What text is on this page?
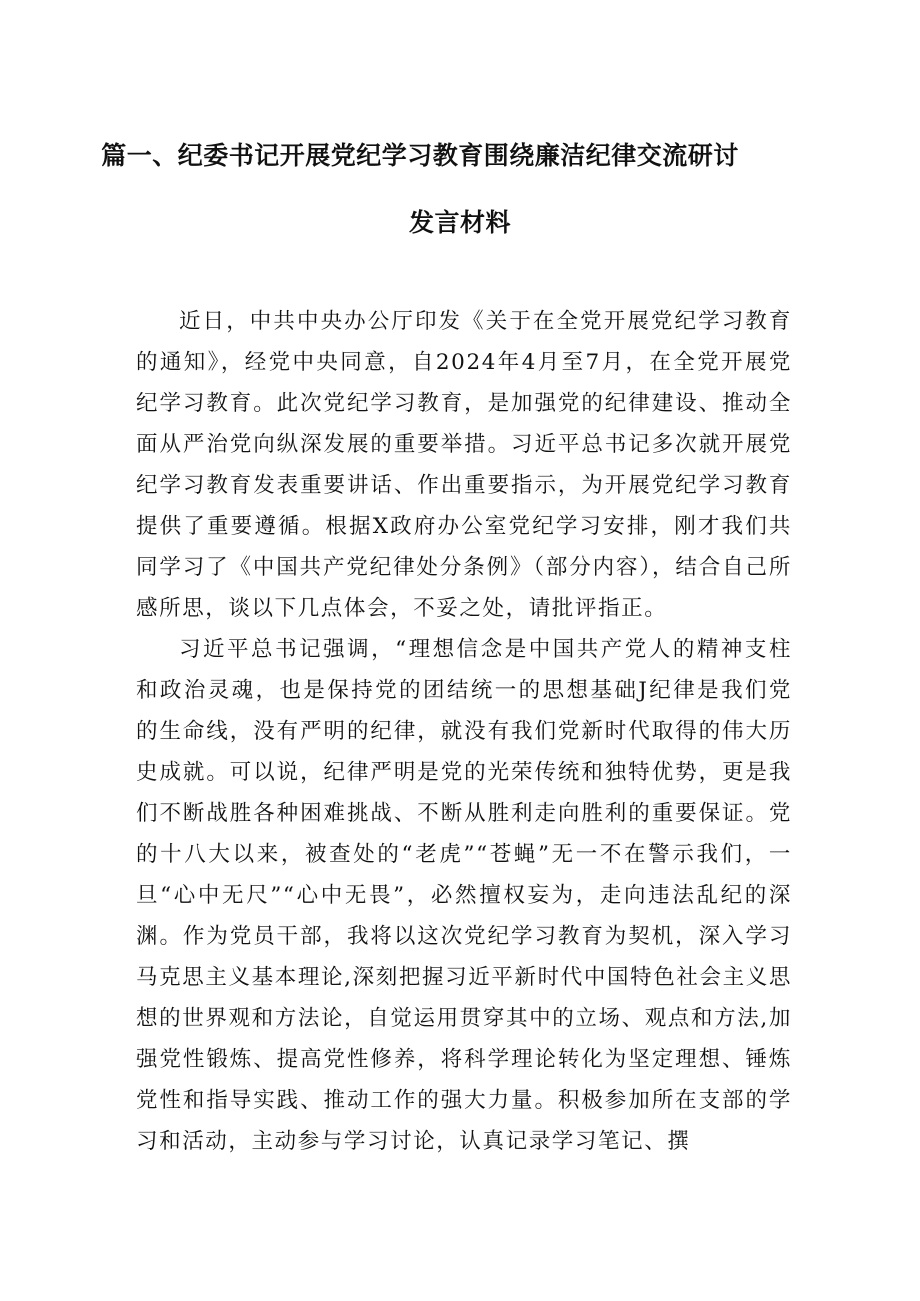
篇一、纪委书记开展党纪学习教育围绕廉洁纪律交流研讨
发言材料

近日，中共中央办公厅印发《关于在全党开展党纪学习教育的通知》，经党中央同意，自2024年4月至7月，在全党开展党纪学习教育。此次党纪学习教育，是加强党的纪律建设、推动全面从严治党向纵深发展的重要举措。习近平总书记多次就开展党纪学习教育发表重要讲话、作出重要指示，为开展党纪学习教育提供了重要遵循。根据X政府办公室党纪学习安排，刚才我们共同学习了《中国共产党纪律处分条例》（部分内容），结合自己所感所思，谈以下几点体会，不妥之处，请批评指正。

习近平总书记强调，“理想信念是中国共产党人的精神支柱和政治灵魂，也是保持党的团结统一的思想基础J纪律是我们党的生命线，没有严明的纪律，就没有我们党新时代取得的伟大历史成就。可以说，纪律严明是党的光荣传统和独特优势，更是我们不断战胜各种困难挑战、不断从胜利走向胜利的重要保证。党的十八大以来，被查处的“老虎”“苍蝇”无一不在警示我们，一旦“心中无尺”“心中无畏”，必然擅权妄为，走向违法乱纪的深渊。作为党员干部，我将以这次党纪学习教育为契机，深入学习马克思主义基本理论,深刻把握习近平新时代中国特色社会主义思想的世界观和方法论，自觉运用贯穿其中的立场、观点和方法,加强党性锻炼、提高党性修养，将科学理论转化为坚定理想、锤炼党性和指导实践、推动工作的强大力量。积极参加所在支部的学习和活动，主动参与学习讨论，认真记录学习笔记、撰
